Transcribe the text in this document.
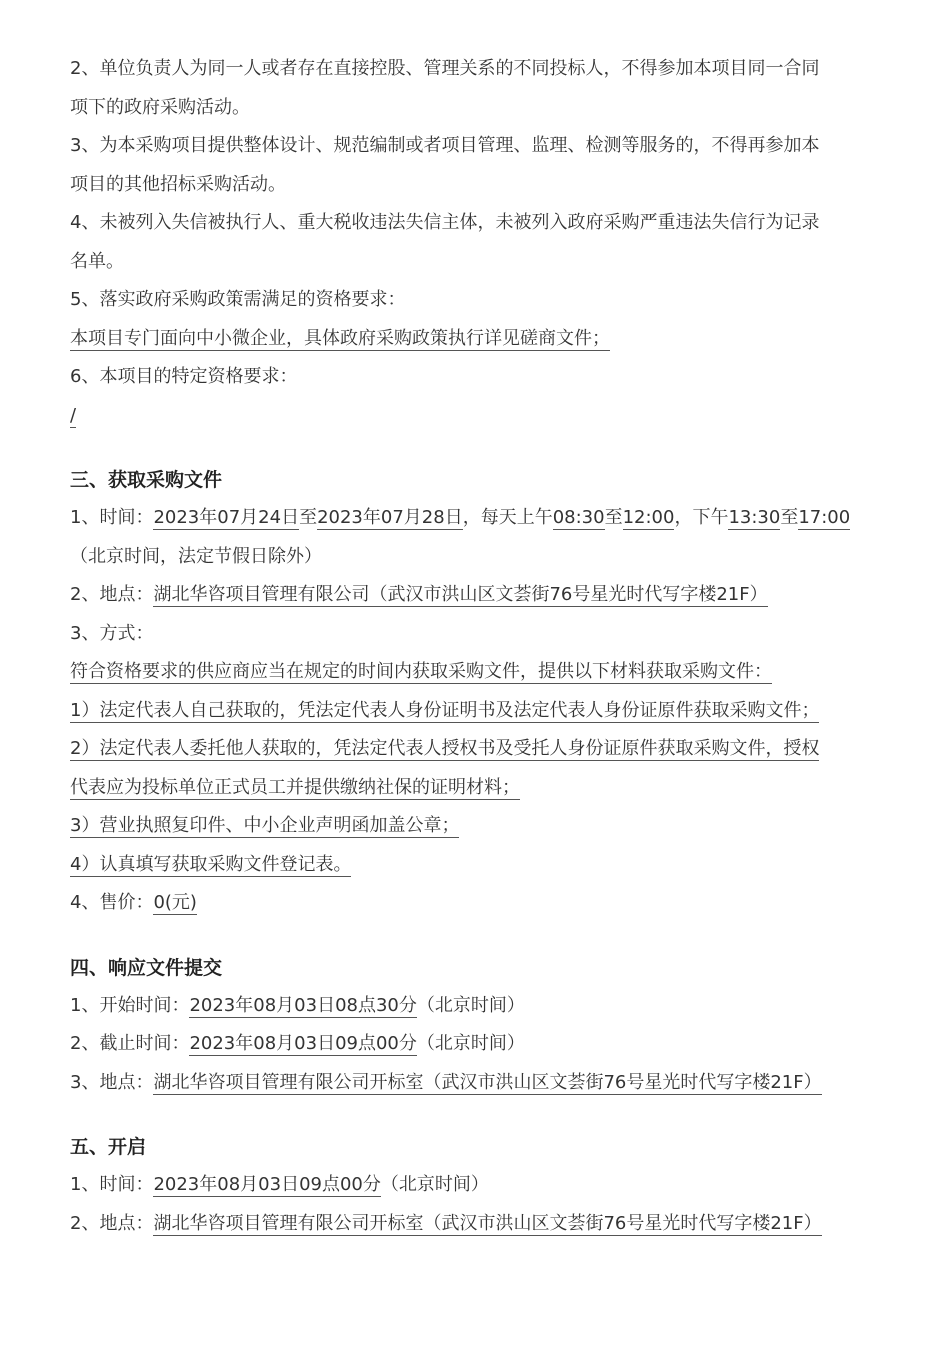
2、单位负责人为同一人或者存在直接控股、管理关系的不同投标人，不得参加本项目同一合同
项下的政府采购活动。
3、为本采购项目提供整体设计、规范编制或者项目管理、监理、检测等服务的，不得再参加本
项目的其他招标采购活动。
4、未被列入失信被执行人、重大税收违法失信主体，未被列入政府采购严重违法失信行为记录
名单。
5、落实政府采购政策需满足的资格要求：
本项目专门面向中小微企业，具体政府采购政策执行详见磋商文件；
6、本项目的特定资格要求：
/
三、获取采购文件
1、时间：2023年07月24日至2023年07月28日，每天上午08:30至12:00，下午13:30至17:00
（北京时间，法定节假日除外）
2、地点：湖北华咨项目管理有限公司（武汉市洪山区文荟街76号星光时代写字楼21F）
3、方式：
符合资格要求的供应商应当在规定的时间内获取采购文件，提供以下材料获取采购文件：
1）法定代表人自己获取的，凭法定代表人身份证明书及法定代表人身份证原件获取采购文件；
2）法定代表人委托他人获取的，凭法定代表人授权书及受托人身份证原件获取采购文件，授权
代表应为投标单位正式员工并提供缴纳社保的证明材料；
3）营业执照复印件、中小企业声明函加盖公章；
4）认真填写获取采购文件登记表。
4、售价：0(元)
四、响应文件提交
1、开始时间：2023年08月03日08点30分（北京时间）
2、截止时间：2023年08月03日09点00分（北京时间）
3、地点：湖北华咨项目管理有限公司开标室（武汉市洪山区文荟街76号星光时代写字楼21F）
五、开启
1、时间：2023年08月03日09点00分（北京时间）
2、地点：湖北华咨项目管理有限公司开标室（武汉市洪山区文荟街76号星光时代写字楼21F）
